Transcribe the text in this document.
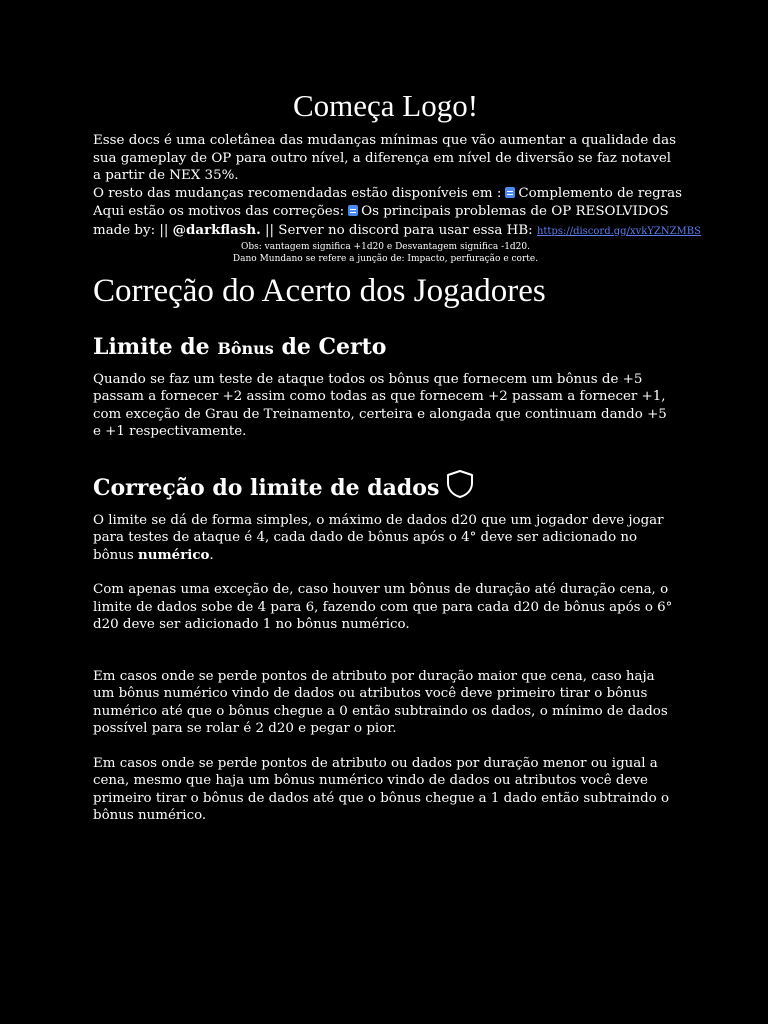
Começa Logo!

Esse docs é uma coletânea das mudanças mínimas que vão aumentar a qualidade das sua gameplay de OP para outro nível, a diferença em nível de diversão se faz notavel a partir de NEX 35%.

O resto das mudanças recomendadas estão disponíveis em : Complemento de regras

Aqui estão os motivos das correções: Os principais problemas de OP RESOLVIDOS

made by: || @darkflash. || Server no discord para usar essa HB: https://discord.gg/xvkYZNZMBS

Obs: vantagem significa +1d20 e Desvantagem significa -1d20.

Dano Mundano se refere a junção de: Impacto, perfuração e corte.

Correção do Acerto dos Jogadores
Limite de Bônus de Certo

Quando se faz um teste de ataque todos os bônus que fornecem um bônus de +5 passam a fornecer +2 assim como todas as que fornecem +2 passam a fornecer +1, com exceção de Grau de Treinamento, certeira e alongada que continuam dando +5 e +1 respectivamente.

Correção do limite de dados

O limite se dá de forma simples, o máximo de dados d20 que um jogador deve jogar para testes de ataque é 4, cada dado de bônus após o 4° deve ser adicionado no bônus numérico.

Com apenas uma exceção de, caso houver um bônus de duração até duração cena, o limite de dados sobe de 4 para 6, fazendo com que para cada d20 de bônus após o 6° d20 deve ser adicionado 1 no bônus numérico.

Em casos onde se perde pontos de atributo por duração maior que cena, caso haja um bônus numérico vindo de dados ou atributos você deve primeiro tirar o bônus numérico até que o bônus chegue a 0 então subtraindo os dados, o mínimo de dados possível para se rolar é 2 d20 e pegar o pior.

Em casos onde se perde pontos de atributo ou dados por duração menor ou igual a cena, mesmo que haja um bônus numérico vindo de dados ou atributos você deve primeiro tirar o bônus de dados até que o bônus chegue a 1 dado então subtraindo o bônus numérico.
